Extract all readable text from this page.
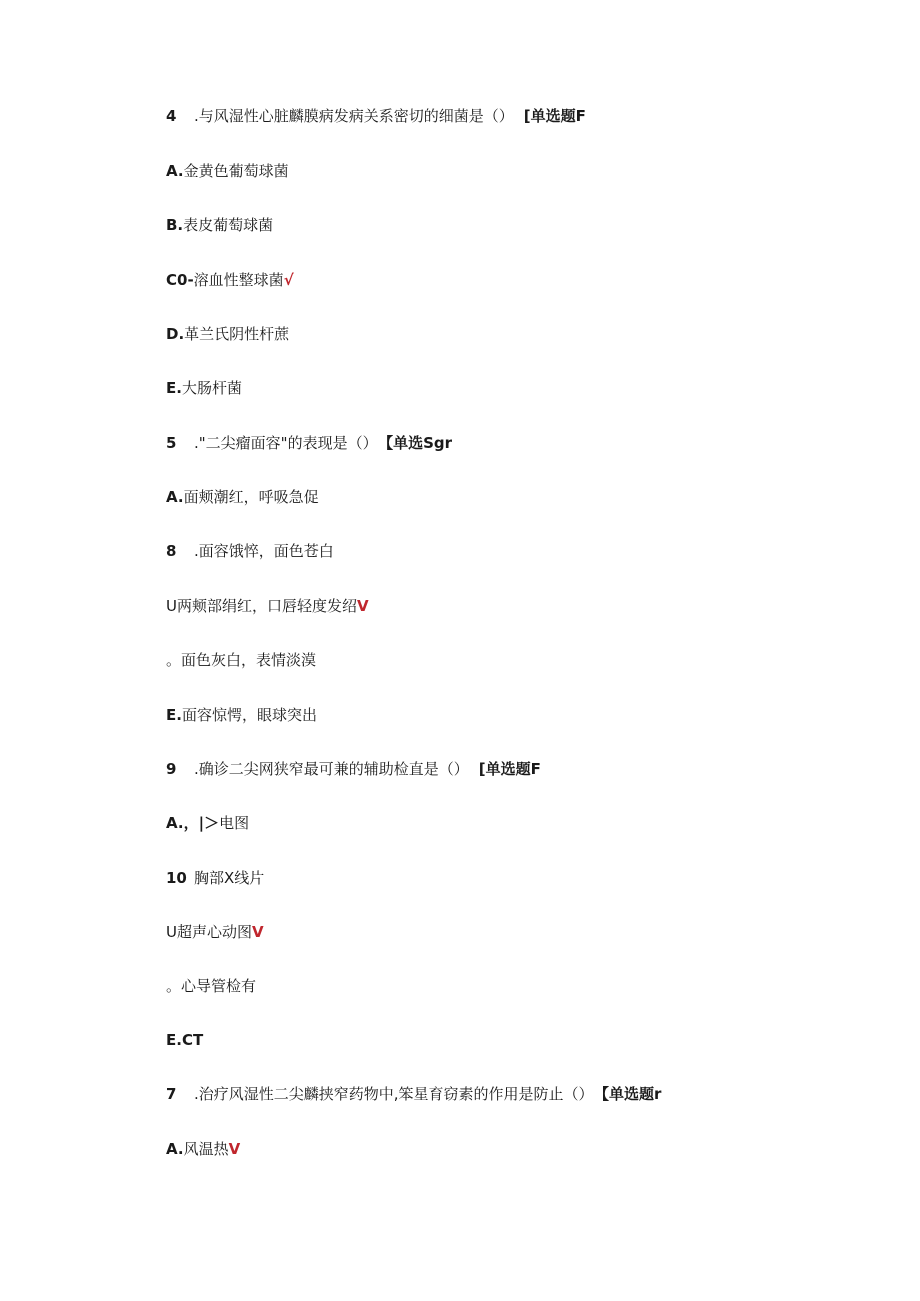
4 .与风湿性心脏麟膜病发病关系密切的细菌是（） [单选题F
A.金黄色葡萄球菌
B.表皮葡萄球菌
C0-溶血性整球菌√
D.革兰氏阴性杆蔗
E.大肠杆菌
5 ."二尖瘤面容"的表现是（） 【单选Sgr
A.面颊潮红，呼吸急促
8 .面容饿悴，面色苍白
U两颊部绢红，口唇轻度发绍V
。面色灰白，表情淡漠
E.面容惊愕，眼球突出
9 .确诊二尖网狭窄最可兼的辅助检直是（） [单选题F
A.，|＞电图
10 胸部X线片
U超声心动图V
。心导管检有
E.CT
7 .治疗风湿性二尖麟挟窄药物中,笨星育窃素的作用是防止（） 【单选题r
A.风温热V
